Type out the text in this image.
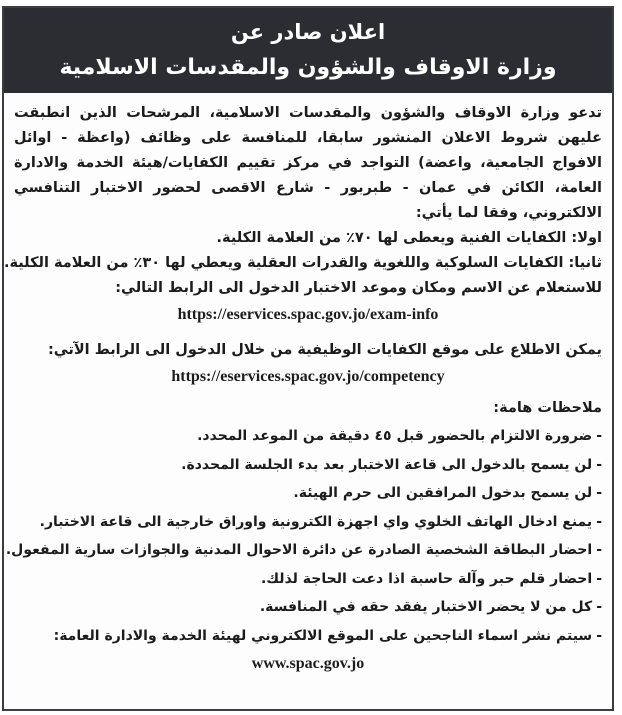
اعلان صادر عن
وزارة الاوقاف والشؤون والمقدسات الاسلامية
تدعو وزارة الاوقاف والشؤون والمقدسات الاسلامية، المرشحات الذين انطبقت عليهن شروط الاعلان المنشور سابقا، للمنافسة على وظائف (واعظة - اوائل الافواج الجامعية، واعضة) التواجد في مركز تقييم الكفايات/هيئة الخدمة والادارة العامة، الكائن في عمان - طبربور - شارع الاقصى لحضور الاختبار التنافسي الالكتروني، وفقا لما يأتي:
اولا: الكفايات الفنية ويعطى لها ٧٠٪ من العلامة الكلية.
ثانيا: الكفايات السلوكية واللغوية والقدرات العقلية ويعطي لها ٣٠٪ من العلامة الكلية.
للاستعلام عن الاسم ومكان وموعد الاختبار الدخول الى الرابط التالي:
https://eservices.spac.gov.jo/exam-info
يمكن الاطلاع على موقع الكفايات الوظيفية من خلال الدخول الى الرابط الآتي:
https://eservices.spac.gov.jo/competency
ملاحظات هامة:
-ضرورة الالتزام بالحضور قبل ٤٥ دقيقة من الموعد المحدد.
-لن يسمح بالدخول الى قاعة الاختبار بعد بدء الجلسة المحددة.
-لن يسمح بدخول المرافقين الى حرم الهيئة.
-يمنع ادخال الهاتف الخلوي واي اجهزة الكترونية واوراق خارجية الى قاعة الاختبار.
-احضار البطاقة الشخصية الصادرة عن دائرة الاحوال المدنية والجوازات سارية المفعول.
-احضار قلم حبر وآلة حاسبة اذا دعت الحاجة لذلك.
-كل من لا يحضر الاختبار يفقد حقه في المنافسة.
-سيتم نشر اسماء الناجحين على الموقع الالكتروني لهيئة الخدمة والادارة العامة:
www.spac.gov.jo
